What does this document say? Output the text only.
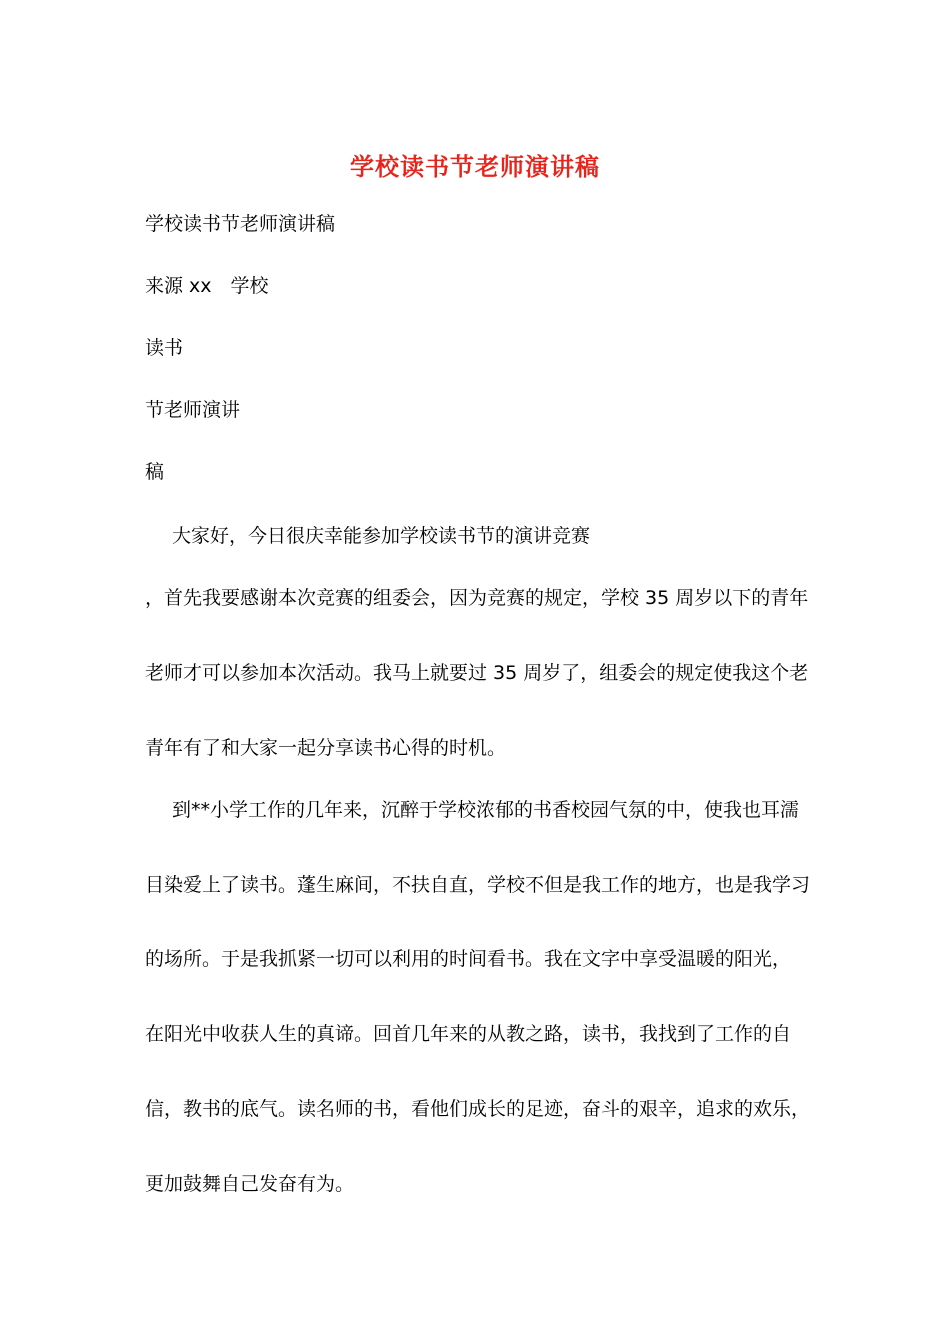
学校读书节老师演讲稿
学校读书节老师演讲稿
来源 xx　学校
读书
节老师演讲
稿
大家好，今日很庆幸能参加学校读书节的演讲竞赛
，首先我要感谢本次竞赛的组委会，因为竞赛的规定，学校 35 周岁以下的青年
老师才可以参加本次活动。我马上就要过 35 周岁了，组委会的规定使我这个老
青年有了和大家一起分享读书心得的时机。
到**小学工作的几年来，沉醉于学校浓郁的书香校园气氛的中，使我也耳濡
目染爱上了读书。蓬生麻间，不扶自直，学校不但是我工作的地方，也是我学习
的场所。于是我抓紧一切可以利用的时间看书。我在文字中享受温暖的阳光，
在阳光中收获人生的真谛。回首几年来的从教之路，读书，我找到了工作的自
信，教书的底气。读名师的书，看他们成长的足迹，奋斗的艰辛，追求的欢乐，
更加鼓舞自己发奋有为。
